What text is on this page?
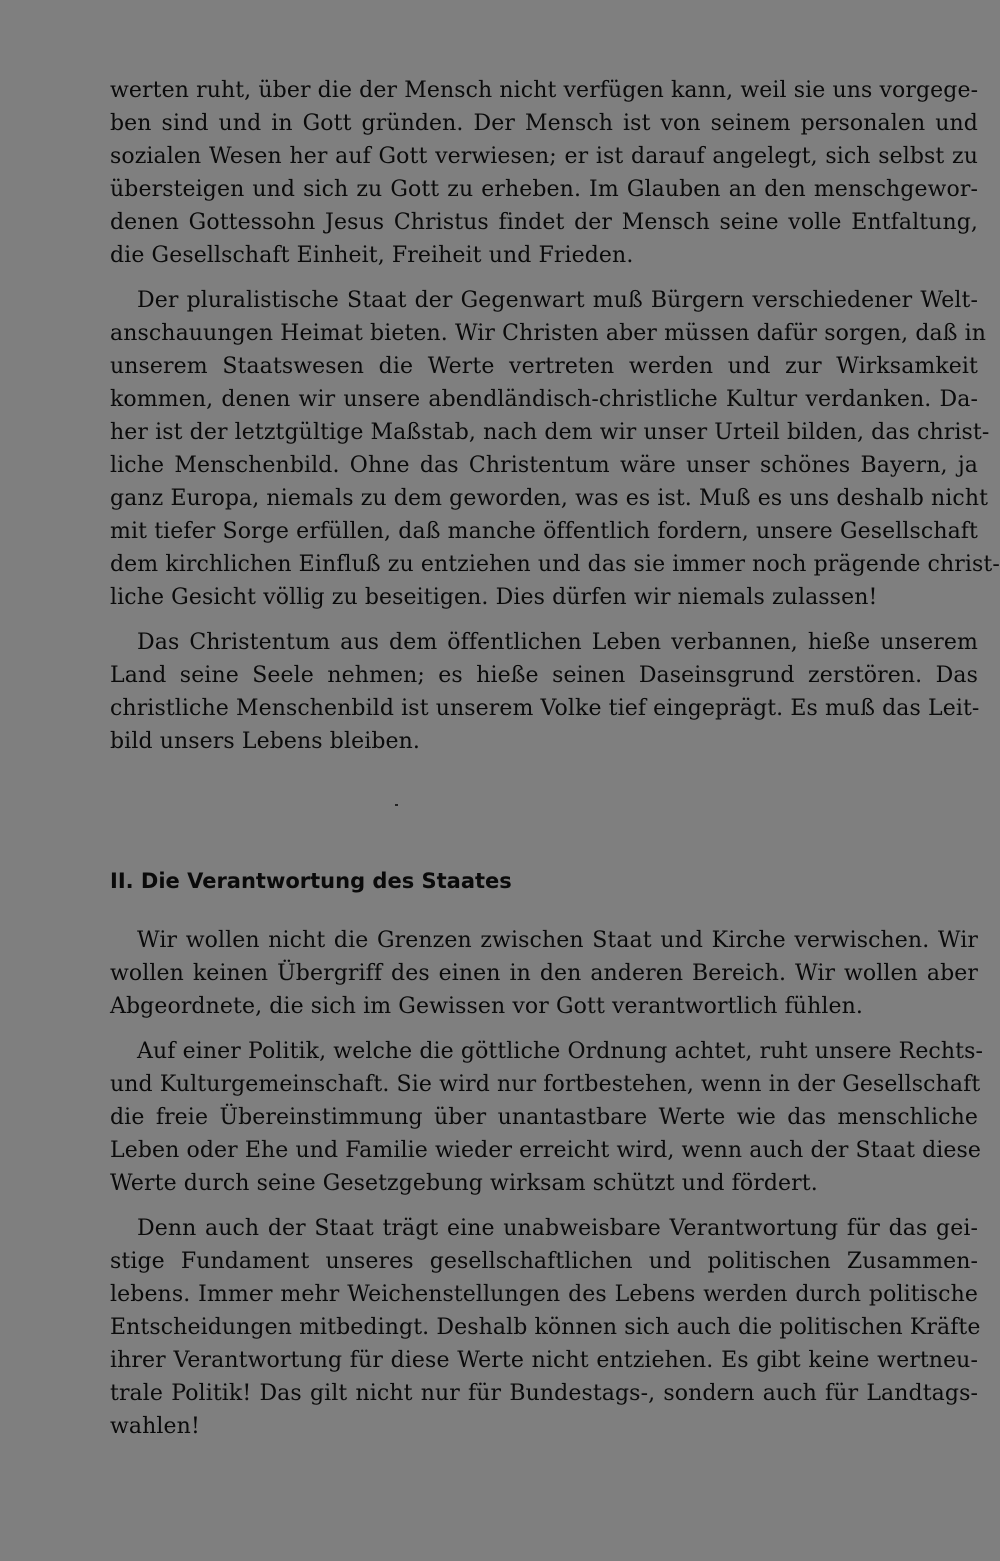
werten ruht, über die der Mensch nicht verfügen kann, weil sie uns vorgege-
ben sind und in Gott gründen. Der Mensch ist von seinem personalen und
sozialen Wesen her auf Gott verwiesen; er ist darauf angelegt, sich selbst zu
übersteigen und sich zu Gott zu erheben. Im Glauben an den menschgewor-
denen Gottessohn Jesus Christus findet der Mensch seine volle Entfaltung,
die Gesellschaft Einheit, Freiheit und Frieden.

Der pluralistische Staat der Gegenwart muß Bürgern verschiedener Welt-
anschauungen Heimat bieten. Wir Christen aber müssen dafür sorgen, daß in
unserem Staatswesen die Werte vertreten werden und zur Wirksamkeit
kommen, denen wir unsere abendländisch-christliche Kultur verdanken. Da-
her ist der letztgültige Maßstab, nach dem wir unser Urteil bilden, das christ-
liche Menschenbild. Ohne das Christentum wäre unser schönes Bayern, ja
ganz Europa, niemals zu dem geworden, was es ist. Muß es uns deshalb nicht
mit tiefer Sorge erfüllen, daß manche öffentlich fordern, unsere Gesellschaft
dem kirchlichen Einfluß zu entziehen und das sie immer noch prägende christ-
liche Gesicht völlig zu beseitigen. Dies dürfen wir niemals zulassen!

Das Christentum aus dem öffentlichen Leben verbannen, hieße unserem
Land seine Seele nehmen; es hieße seinen Daseinsgrund zerstören. Das
christliche Menschenbild ist unserem Volke tief eingeprägt. Es muß das Leit-
bild unsers Lebens bleiben.

II. Die Verantwortung des Staates

Wir wollen nicht die Grenzen zwischen Staat und Kirche verwischen. Wir
wollen keinen Übergriff des einen in den anderen Bereich. Wir wollen aber
Abgeordnete, die sich im Gewissen vor Gott verantwortlich fühlen.

Auf einer Politik, welche die göttliche Ordnung achtet, ruht unsere Rechts-
und Kulturgemeinschaft. Sie wird nur fortbestehen, wenn in der Gesellschaft
die freie Übereinstimmung über unantastbare Werte wie das menschliche
Leben oder Ehe und Familie wieder erreicht wird, wenn auch der Staat diese
Werte durch seine Gesetzgebung wirksam schützt und fördert.

Denn auch der Staat trägt eine unabweisbare Verantwortung für das gei-
stige Fundament unseres gesellschaftlichen und politischen Zusammen-
lebens. Immer mehr Weichenstellungen des Lebens werden durch politische
Entscheidungen mitbedingt. Deshalb können sich auch die politischen Kräfte
ihrer Verantwortung für diese Werte nicht entziehen. Es gibt keine wertneu-
trale Politik! Das gilt nicht nur für Bundestags-, sondern auch für Landtags-
wahlen!
